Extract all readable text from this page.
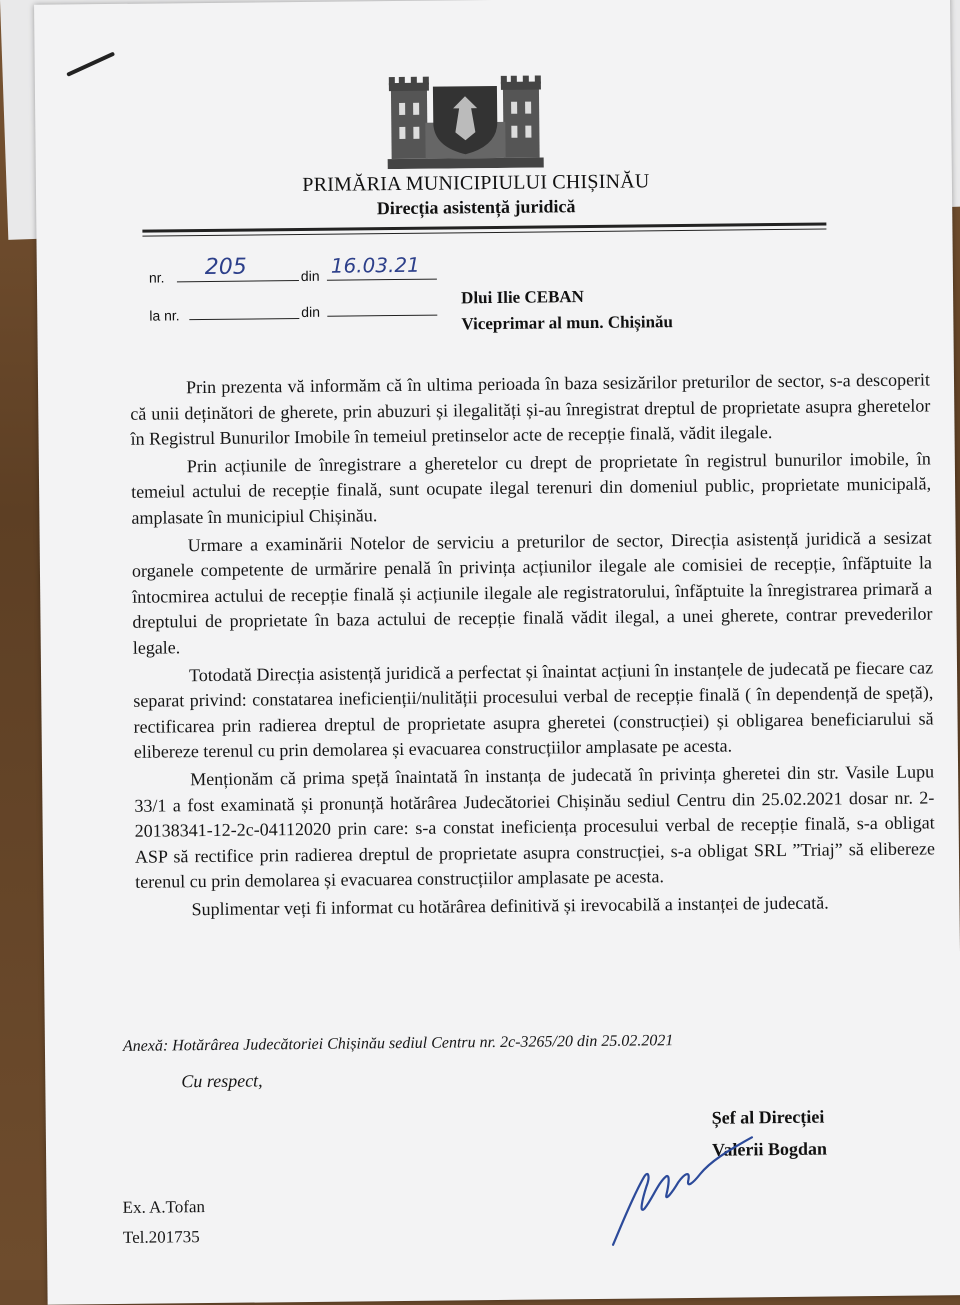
PRIMĂRIA MUNICIPIULUI CHIȘINĂU
Direcția asistență juridică
nr. 205	din 16.03.21
la nr.	din
Dlui Ilie CEBAN
Viceprimar al mun. Chișinău

Prin prezenta vă informăm că în ultima perioada în baza sesizărilor preturilor de sector, s-a descoperit că unii deținători de gherete, prin abuzuri și ilegalități și-au înregistrat dreptul de proprietate asupra gheretelor în Registrul Bunurilor Imobile în temeiul pretinselor acte de recepție finală, vădit ilegale.

Prin acțiunile de înregistrare a gheretelor cu drept de proprietate în registrul bunurilor imobile, în temeiul actului de recepție finală, sunt ocupate ilegal terenuri din domeniul public, proprietate municipală, amplasate în municipiul Chișinău.

Urmare a examinării Notelor de serviciu a preturilor de sector, Direcția asistență juridică a sesizat organele competente de urmărire penală în privința acțiunilor ilegale ale comisiei de recepție, înfăptuite la întocmirea actului de recepție finală și acțiunile ilegale ale registratorului, înfăptuite la înregistrarea primară a dreptului de proprietate în baza actului de recepție finală vădit ilegal, a unei gherete, contrar prevederilor legale.

Totodată Direcția asistență juridică a perfectat și înaintat acțiuni în instanțele de judecată pe fiecare caz separat privind: constatarea ineficienții/nulității procesului verbal de recepție finală ( în dependență de speță), rectificarea prin radierea dreptul de proprietate asupra gheretei (construcției) și obligarea beneficiarului să elibereze terenul cu prin demolarea și evacuarea construcțiilor amplasate pe acesta.

Menționăm că prima speță înaintată în instanța de judecată în privința gheretei din str. Vasile Lupu 33/1 a fost examinată și pronunță hotărârea Judecătoriei Chișinău sediul Centru din 25.02.2021 dosar nr. 2-20138341-12-2c-04112020 prin care: s-a constat ineficiența procesului verbal de recepție finală, s-a obligat ASP să rectifice prin radierea dreptul de proprietate asupra construcției, s-a obligat SRL ”Triaj” să elibereze terenul cu prin demolarea și evacuarea construcțiilor amplasate pe acesta.

Suplimentar veți fi informat cu hotărârea definitivă și irevocabilă a instanței de judecată.

Anexă: Hotărârea Judecătoriei Chișinău sediul Centru nr. 2c-3265/20 din 25.02.2021
Cu respect,
Șef al Direcției
Valerii Bogdan
Ex. A.Tofan
Tel.201735
